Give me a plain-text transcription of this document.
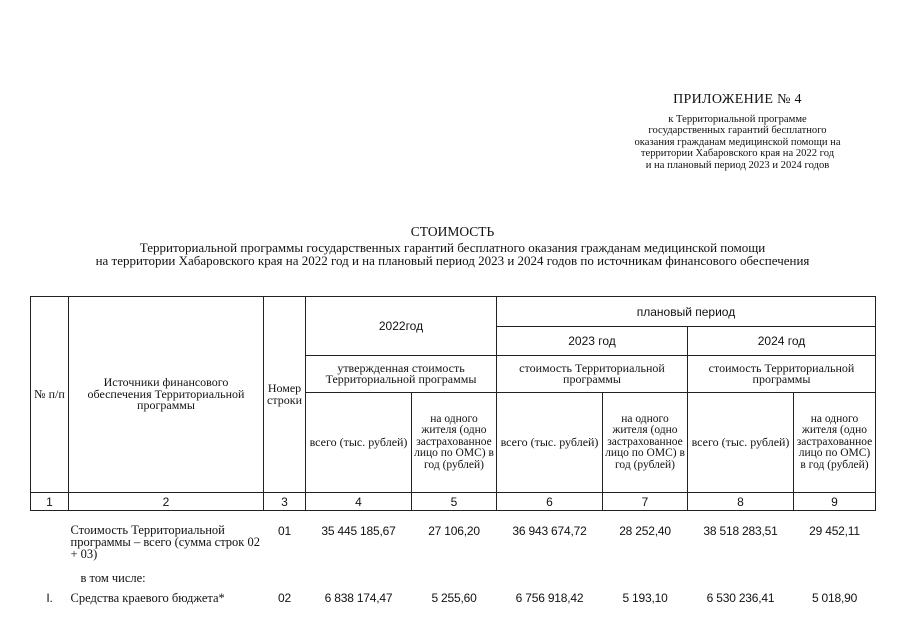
ПРИЛОЖЕНИЕ № 4
к Территориальной программе
государственных гарантий бесплатного
оказания гражданам медицинской помощи на
территории Хабаровского края на 2022 год
и на плановый период 2023 и 2024 годов
СТОИМОСТЬ
Территориальной программы государственных гарантий бесплатного оказания гражданам медицинской помощи
на территории Хабаровского края на 2022 год и на плановый период 2023 и 2024 годов по источникам финансового обеспечения
№ п/п	Источники финансового обеспечения Территориальной программы	Номер строки	2022год		плановый период			
					2023 год		2024 год	
			утвержденная стоимость Территориальной программы		стоимость Территориальной программы		стоимость Территориальной программы	
			всего (тыс. рублей)	на одного жителя (одно застрахованное лицо по ОМС) в год (рублей)	всего (тыс. рублей)	на одного жителя (одно застрахованное лицо по ОМС) в год (рублей)	всего (тыс. рублей)	на одного жителя (одно застрахованное лицо по ОМС) в год (рублей)
1	2	3	4	5	6	7	8	9

	Стоимость Территориальной программы – всего (сумма строк 02 + 03)	01	35 445 185,67	27 106,20	36 943 674,72	28 252,40	38 518 283,51	29 452,11
	в том числе:							
I.	Средства краевого бюджета*	02	6 838 174,47	5 255,60	6 756 918,42	5 193,10	6 530 236,41	5 018,90
